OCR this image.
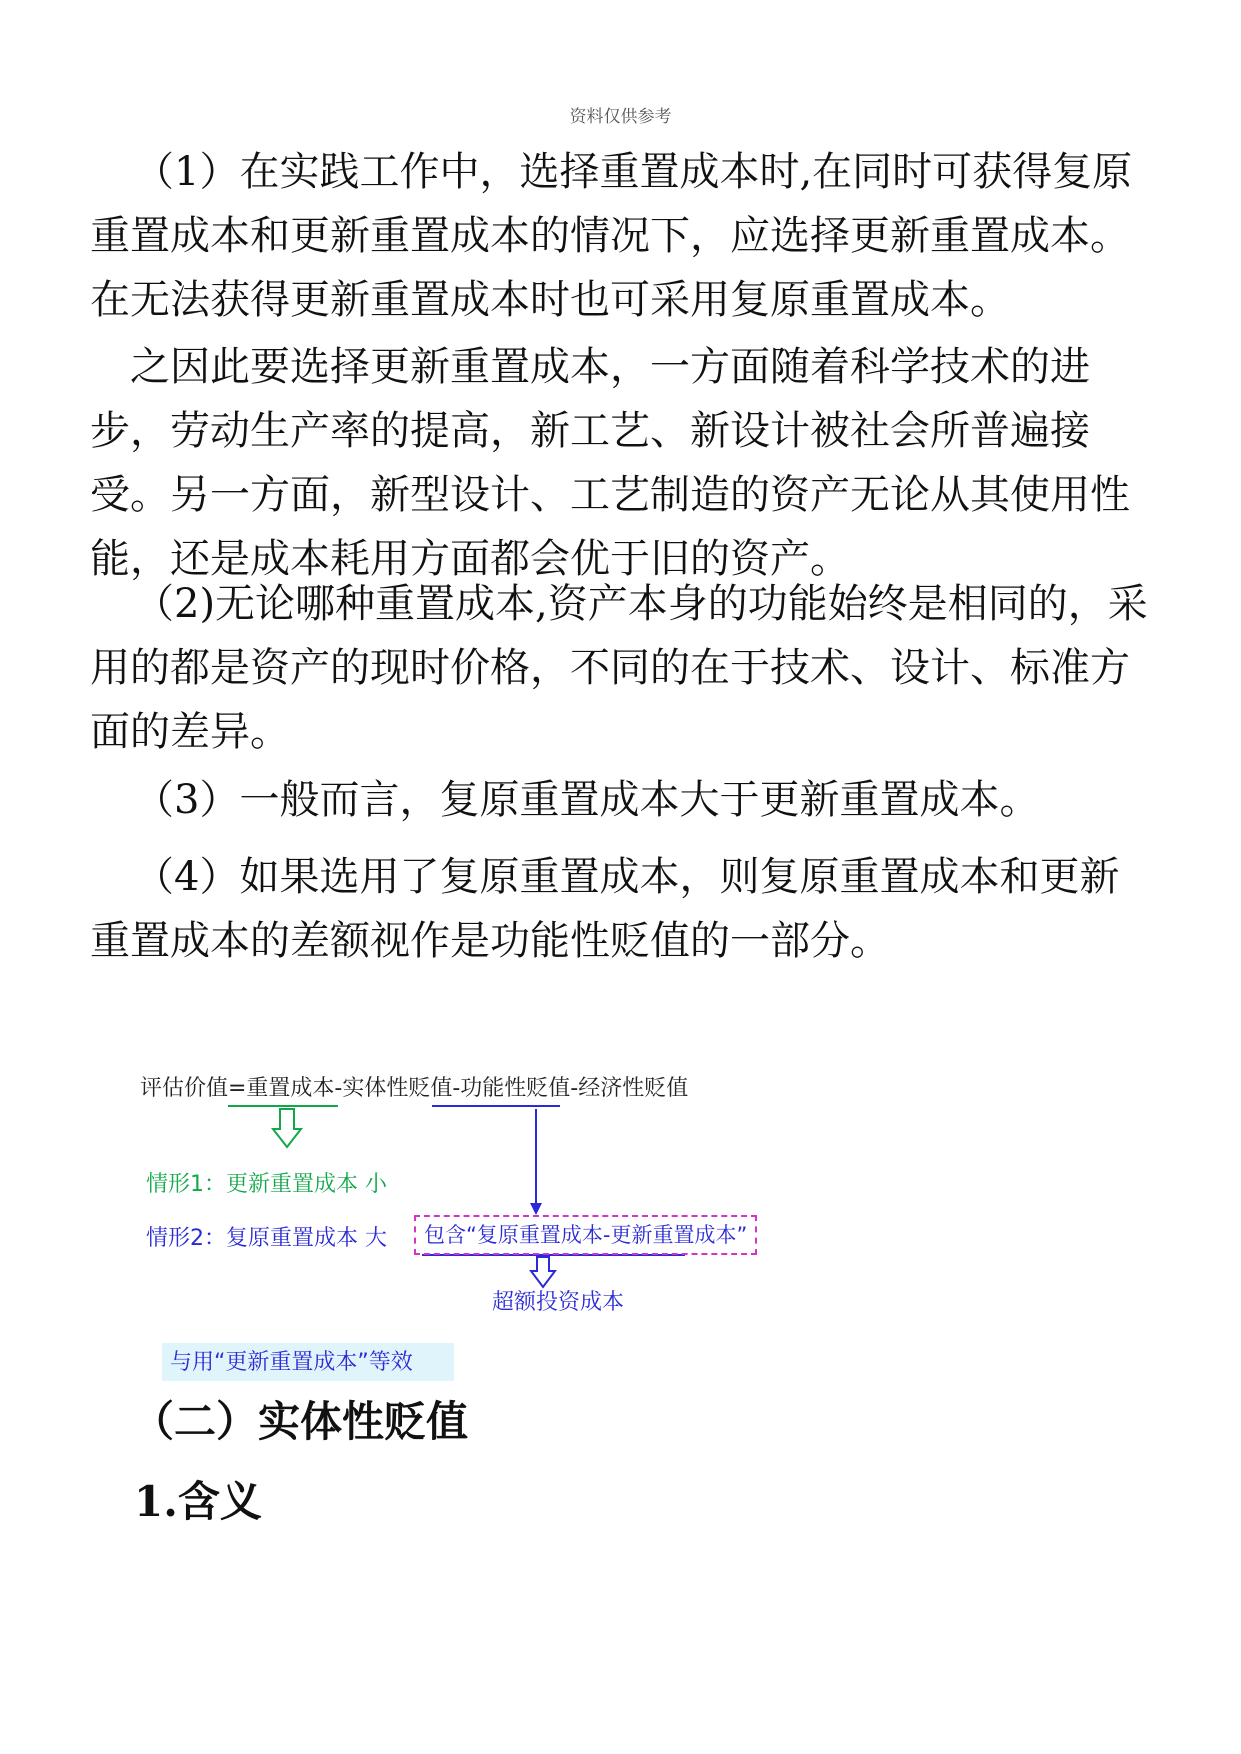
资料仅供参考

（1）在实践工作中，选择重置成本时,在同时可获得复原重置成本和更新重置成本的情况下，应选择更新重置成本。在无法获得更新重置成本时也可采用复原重置成本。

之因此要选择更新重置成本，一方面随着科学技术的进步，劳动生产率的提高，新工艺、新设计被社会所普遍接受。另一方面，新型设计、工艺制造的资产无论从其使用性能，还是成本耗用方面都会优于旧的资产。

（2)无论哪种重置成本,资产本身的功能始终是相同的，采用的都是资产的现时价格，不同的在于技术、设计、标准方面的差异。

（3）一般而言，复原重置成本大于更新重置成本。

（4）如果选用了复原重置成本，则复原重置成本和更新重置成本的差额视作是功能性贬值的一部分。

评估价值=重置成本-实体性贬值-功能性贬值-经济性贬值
情形1：更新重置成本 小
情形2：复原重置成本 大	包含“复原重置成本-更新重置成本”
超额投资成本
与用“更新重置成本”等效
（二）实体性贬值
1.含义
